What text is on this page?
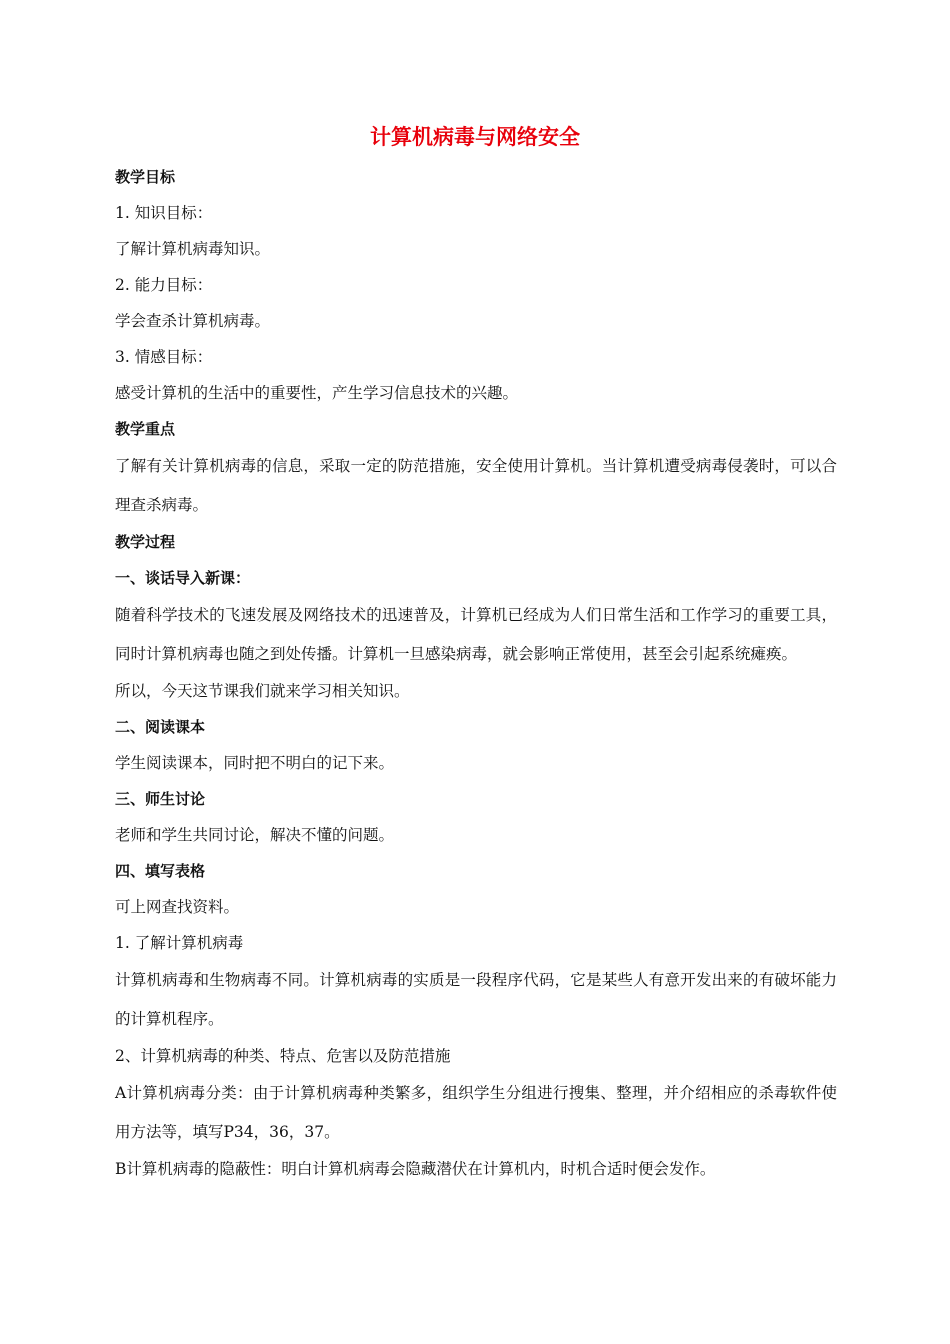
计算机病毒与网络安全
教学目标
1. 知识目标：
了解计算机病毒知识。
2. 能力目标：
学会查杀计算机病毒。
3. 情感目标：
感受计算机的生活中的重要性，产生学习信息技术的兴趣。
教学重点
了解有关计算机病毒的信息，采取一定的防范措施，安全使用计算机。当计算机遭受病毒侵袭时，可以合理查杀病毒。
教学过程
一、谈话导入新课：
随着科学技术的飞速发展及网络技术的迅速普及，计算机已经成为人们日常生活和工作学习的重要工具，同时计算机病毒也随之到处传播。计算机一旦感染病毒，就会影响正常使用，甚至会引起系统瘫痪。
所以，今天这节课我们就来学习相关知识。
二、阅读课本
学生阅读课本，同时把不明白的记下来。
三、师生讨论
老师和学生共同讨论，解决不懂的问题。
四、填写表格
可上网查找资料。
1. 了解计算机病毒
计算机病毒和生物病毒不同。计算机病毒的实质是一段程序代码，它是某些人有意开发出来的有破坏能力的计算机程序。
2、计算机病毒的种类、特点、危害以及防范措施
A计算机病毒分类：由于计算机病毒种类繁多，组织学生分组进行搜集、整理，并介绍相应的杀毒软件使用方法等，填写P34，36，37。
B计算机病毒的隐蔽性：明白计算机病毒会隐藏潜伏在计算机内，时机合适时便会发作。
